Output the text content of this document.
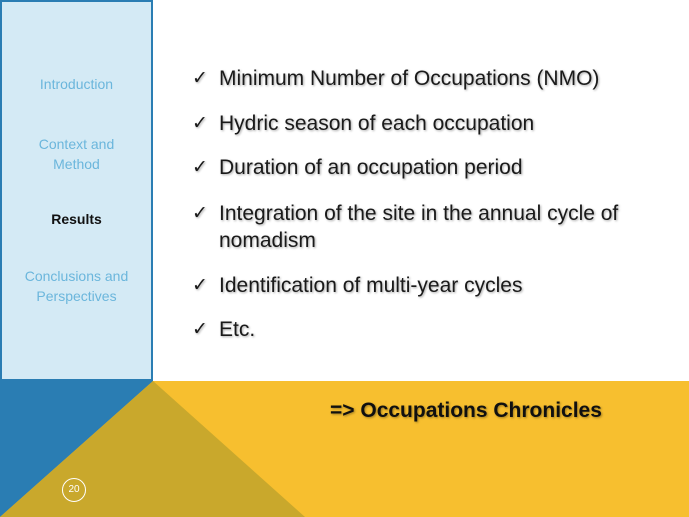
Introduction
Context and Method
Results
Conclusions and Perspectives
✓ Minimum Number of Occupations (NMO)
✓ Hydric season of each occupation
✓ Duration of an occupation period
✓ Integration of the site in the annual cycle of nomadism
✓ Identification of multi-year cycles
✓ Etc.
=> Occupations Chronicles
20
